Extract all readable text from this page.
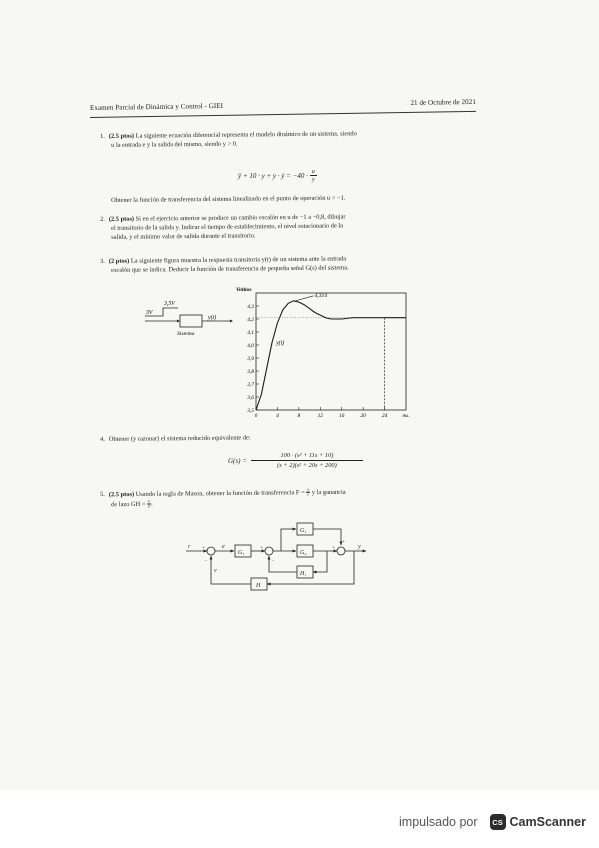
Examen Parcial de Dinámica y Control - GIEI	21 de Octubre de 2021
1. (2.5 ptos) La siguiente ecuación diferencial representa el modelo dinámico de un sistema, siendo
u la entrada e y la salida del mismo, siendo y > 0.
ÿ + 10 · y + y · ẏ = −40 · u
y
Obtener la función de transferencia del sistema linealizado en el punto de operación u = −1.
2. (2.5 ptos) Si en el ejercicio anterior se produce un cambio escalón en u de −1 a −0,8, dibujar
el transitorio de la salida y. Indicar el tiempo de establecimiento, el nivel estacionario de la
salida, y el mínimo valor de salida durante el transitorio.
3. (2 ptos) La siguiente figura muestra la respuesta transitoria y(t) de un sistema ante la entrada
escalón que se indica. Deducir la función de transferencia de pequeña señal G(s) del sistema.
3,5V
3V
y(t)
Sistema
Voltios
3,5
3,6
3,7
3,8
3,9
4,0
4,1
4,2
4,3
0	4	8	12	16	20	24	ms.
4,314
y(t)
4. Obtener (y razonar) el sistema reducido equivalente de:
G(s) =
100 · (s² + 11s + 10)
(s + 2)(s² + 20s + 200)
5. (2.5 ptos) Usando la regla de Mason, obtener la función de transferencia $F = \frac{y}{r}$ y la ganancia
de lazo GH = $\frac{v}{e}$ .
r	e
v
y
G₁
G₁
G₂
H₁
H
+
−
+
−
+
+
impulsado por	CS CamScanner
